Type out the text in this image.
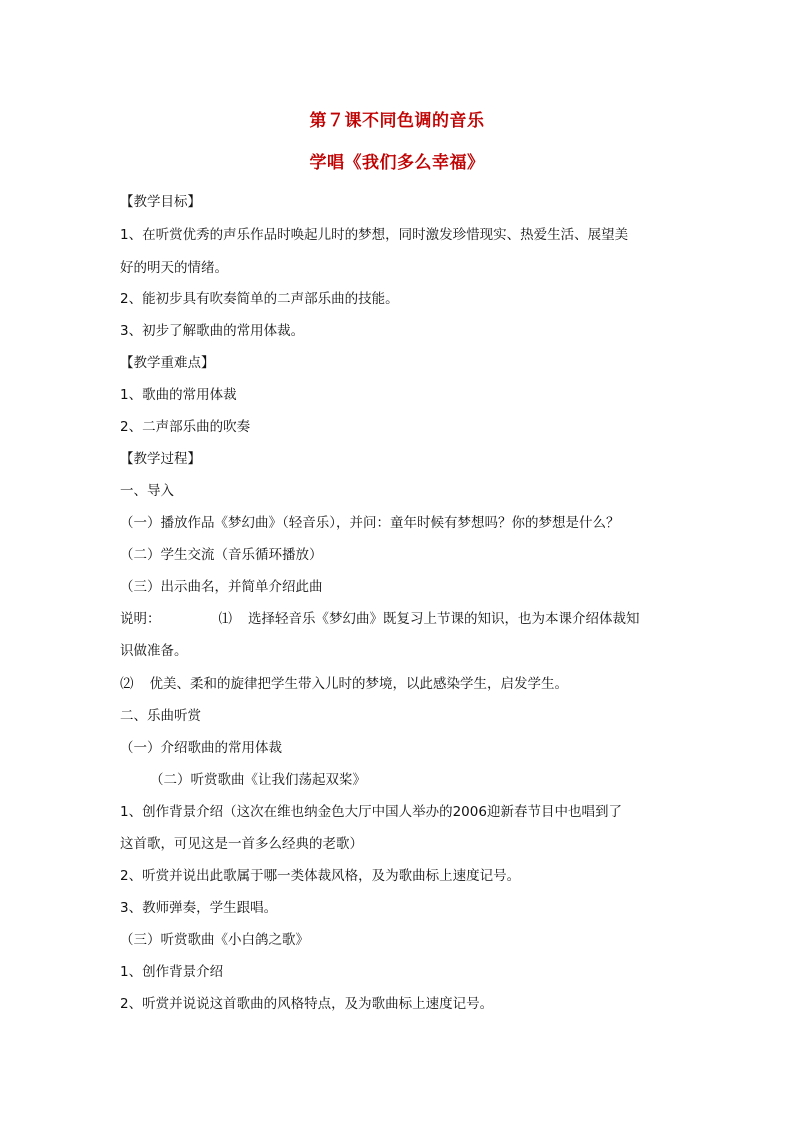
第７课不同色调的音乐
学唱《我们多么幸福》
【教学目标】
1、在听赏优秀的声乐作品时唤起儿时的梦想，同时激发珍惜现实、热爱生活、展望美
好的明天的情绪。
2、能初步具有吹奏简单的二声部乐曲的技能。
3、初步了解歌曲的常用体裁。
【教学重难点】
1、歌曲的常用体裁
2、二声部乐曲的吹奏
【教学过程】
一、导入
（一）播放作品《梦幻曲》（轻音乐），并问：童年时候有梦想吗？你的梦想是什么？
（二）学生交流（音乐循环播放）
（三）出示曲名，并简单介绍此曲
说明：	⑴ 选择轻音乐《梦幻曲》既复习上节课的知识，也为本课介绍体裁知
识做准备。
⑵ 优美、柔和的旋律把学生带入儿时的梦境，以此感染学生，启发学生。
二、乐曲听赏
（一）介绍歌曲的常用体裁
（二）听赏歌曲《让我们荡起双桨》
1、创作背景介绍（这次在维也纳金色大厅中国人举办的2006迎新春节目中也唱到了
这首歌，可见这是一首多么经典的老歌）
2、听赏并说出此歌属于哪一类体裁风格，及为歌曲标上速度记号。
3、教师弹奏，学生跟唱。
（三）听赏歌曲《小白鸽之歌》
1、创作背景介绍
2、听赏并说说这首歌曲的风格特点，及为歌曲标上速度记号。
